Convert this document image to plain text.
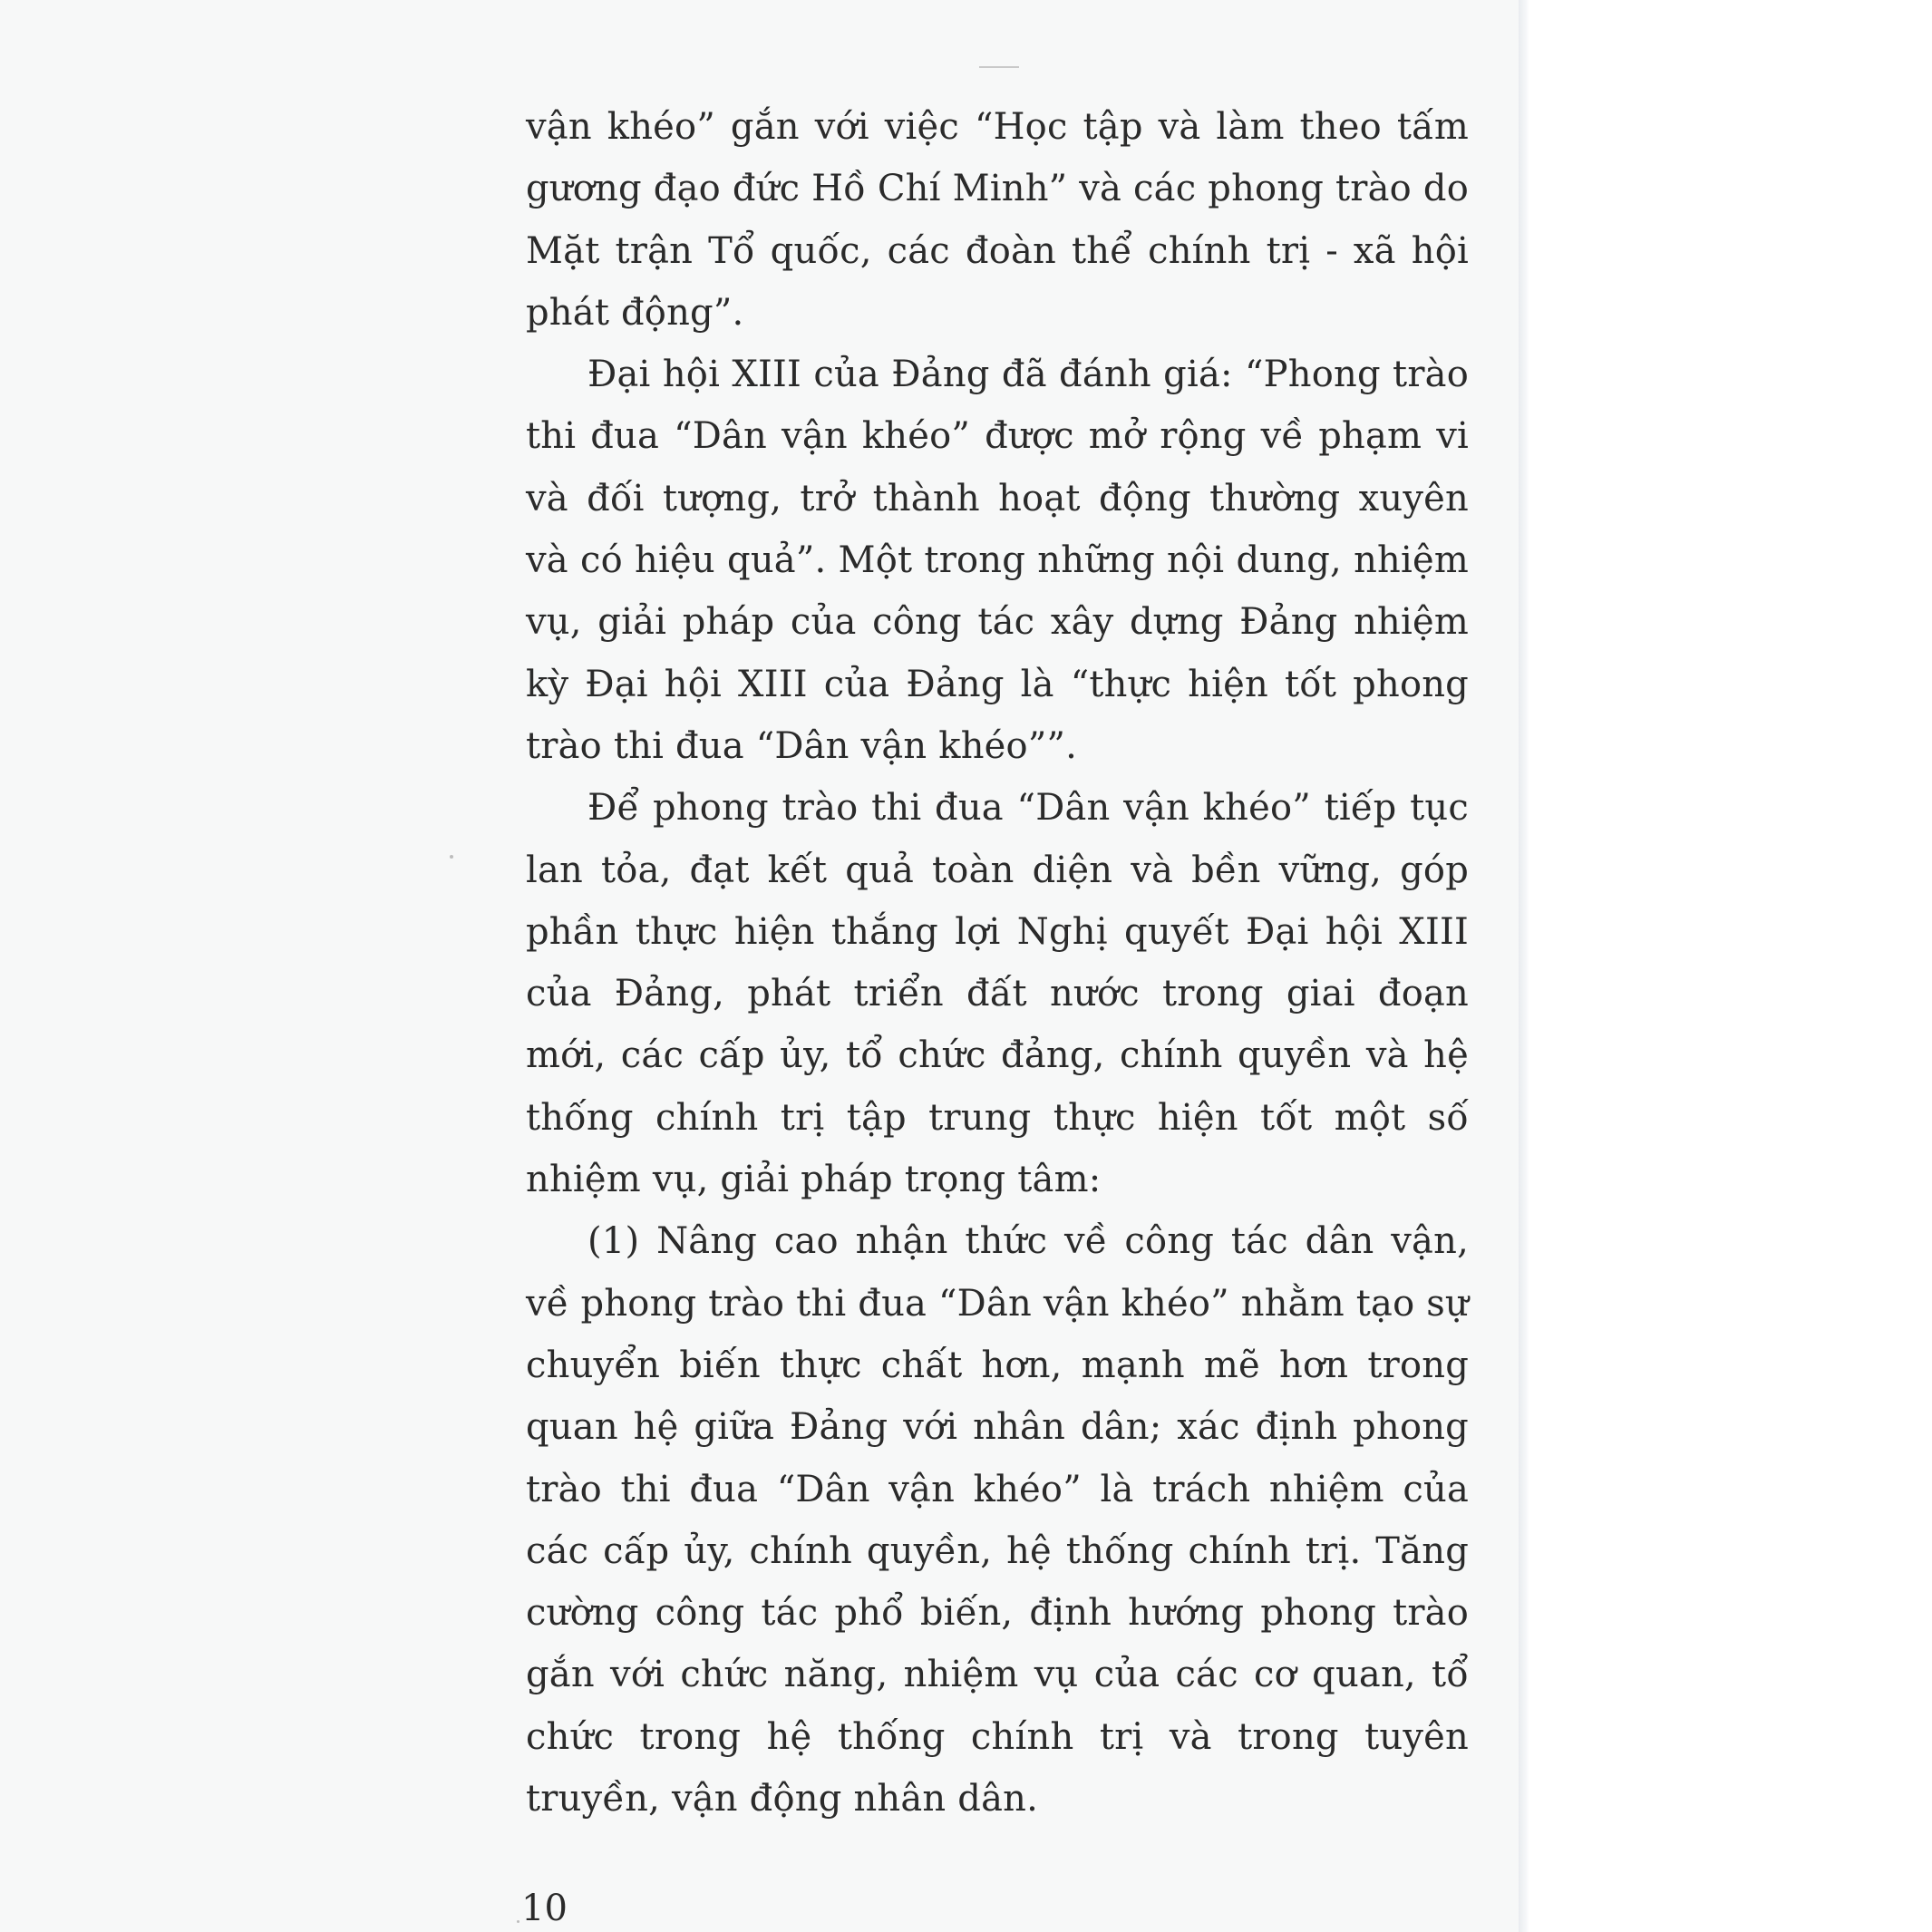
vận khéo” gắn với việc “Học tập và làm theo tấm gương đạo đức Hồ Chí Minh” và các phong trào do Mặt trận Tổ quốc, các đoàn thể chính trị - xã hội phát động”.

Đại hội XIII của Đảng đã đánh giá: “Phong trào thi đua “Dân vận khéo” được mở rộng về phạm vi và đối tượng, trở thành hoạt động thường xuyên và có hiệu quả”. Một trong những nội dung, nhiệm vụ, giải pháp của công tác xây dựng Đảng nhiệm kỳ Đại hội XIII của Đảng là “thực hiện tốt phong trào thi đua “Dân vận khéo””.

Để phong trào thi đua “Dân vận khéo” tiếp tục lan tỏa, đạt kết quả toàn diện và bền vững, góp phần thực hiện thắng lợi Nghị quyết Đại hội XIII của Đảng, phát triển đất nước trong giai đoạn mới, các cấp ủy, tổ chức đảng, chính quyền và hệ thống chính trị tập trung thực hiện tốt một số nhiệm vụ, giải pháp trọng tâm:

(1) Nâng cao nhận thức về công tác dân vận, về phong trào thi đua “Dân vận khéo” nhằm tạo sự chuyển biến thực chất hơn, mạnh mẽ hơn trong quan hệ giữa Đảng với nhân dân; xác định phong trào thi đua “Dân vận khéo” là trách nhiệm của các cấp ủy, chính quyền, hệ thống chính trị. Tăng cường công tác phổ biến, định hướng phong trào gắn với chức năng, nhiệm vụ của các cơ quan, tổ chức trong hệ thống chính trị và trong tuyên truyền, vận động nhân dân.

10
